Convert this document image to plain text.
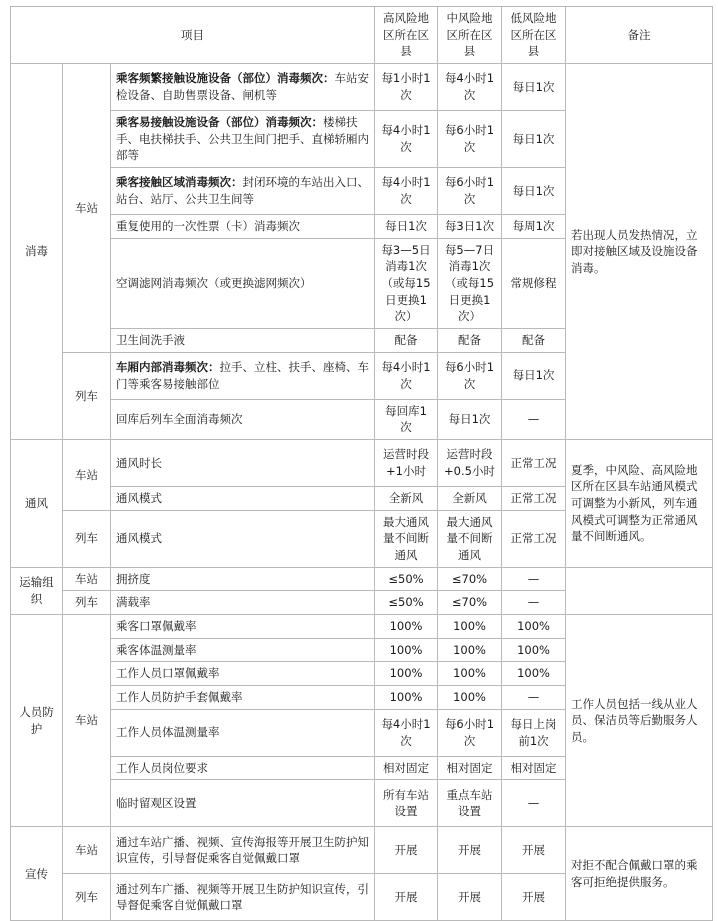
项目			高风险地区所在区县	中风险地区所在区县	低风险地区所在区县	备注
消毒	车站	乘客频繁接触设施设备（部位）消毒频次：车站安检设备、自助售票设备、闸机等	每1小时1次	每4小时1次	每日1次	若出现人员发热情况，立即对接触区域及设施设备消毒。
		乘客易接触设施设备（部位）消毒频次：楼梯扶手、电扶梯扶手、公共卫生间门把手、直梯轿厢内部等	每4小时1次	每6小时1次	每日1次	
		乘客接触区域消毒频次：封闭环境的车站出入口、站台、站厅、公共卫生间等	每4小时1次	每6小时1次	每日1次	
		重复使用的一次性票（卡）消毒频次	每日1次	每3日1次	每周1次	
		空调滤网消毒频次（或更换滤网频次）	每3—5日消毒1次（或每15日更换1次）	每5—7日消毒1次（或每15日更换1次）	常规修程	
		卫生间洗手液	配备	配备	配备	
	列车	车厢内部消毒频次：拉手、立柱、扶手、座椅、车门等乘客易接触部位	每4小时1次	每6小时1次	每日1次	
		回库后列车全面消毒频次	每回库1次	每日1次	—	
通风	车站	通风时长	运营时段+1小时	运营时段+0.5小时	正常工况	夏季，中风险、高风险地区所在区县车站通风模式可调整为小新风，列车通风模式可调整为正常通风量不间断通风。
		通风模式	全新风	全新风	正常工况	
	列车	通风模式	最大通风量不间断通风	最大通风量不间断通风	正常工况	
运输组织	车站	拥挤度	≤50%	≤70%	—	
	列车	满载率	≤50%	≤70%	—	
人员防护	车站	乘客口罩佩戴率	100%	100%	100%	工作人员包括一线从业人员、保洁员等后勤服务人员。
		乘客体温测量率	100%	100%	100%	
		工作人员口罩佩戴率	100%	100%	100%	
		工作人员防护手套佩戴率	100%	100%	—	
		工作人员体温测量率	每4小时1次	每6小时1次	每日上岗前1次	
		工作人员岗位要求	相对固定	相对固定	相对固定	
		临时留观区设置	所有车站设置	重点车站设置	—	
宣传	车站	通过车站广播、视频、宣传海报等开展卫生防护知识宣传，引导督促乘客自觉佩戴口罩	开展	开展	开展	对拒不配合佩戴口罩的乘客可拒绝提供服务。
	列车	通过列车广播、视频等开展卫生防护知识宣传，引导督促乘客自觉佩戴口罩	开展	开展	开展	
